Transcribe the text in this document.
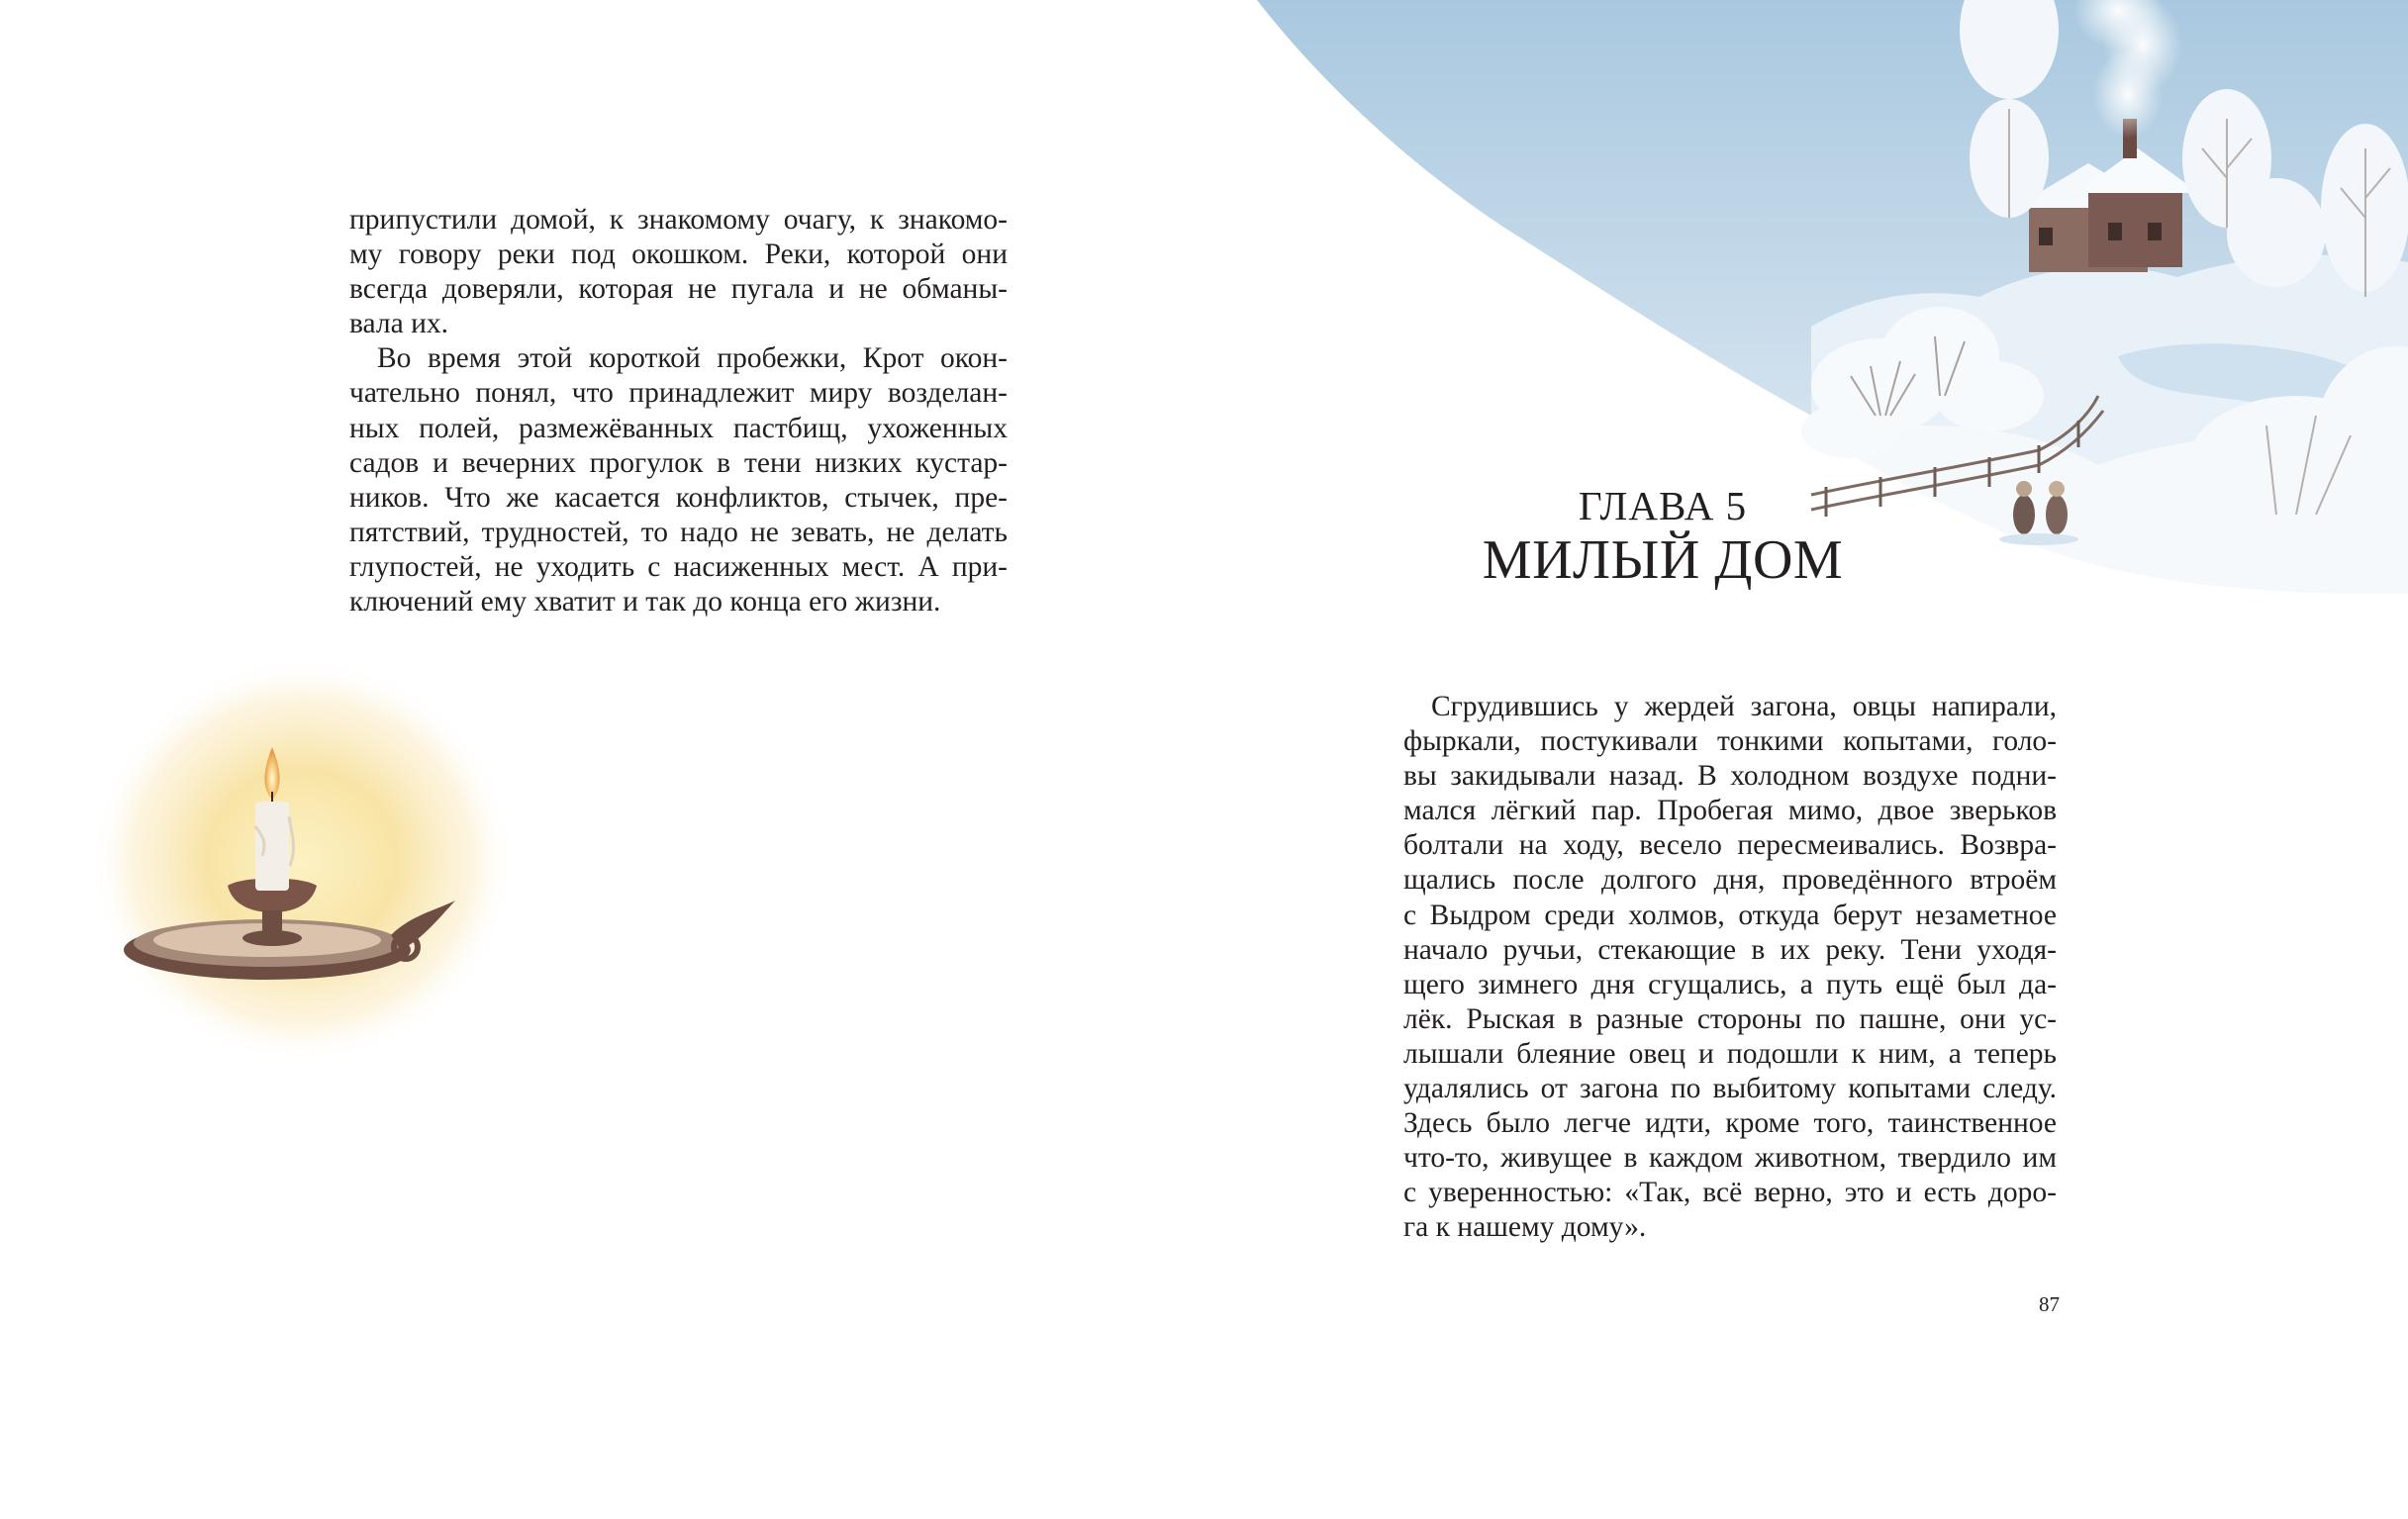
припустили домой, к знакомому очагу, к знакомо-
му говору реки под окошком. Реки, которой они
всегда доверяли, которая не пугала и не обманы-
вала их.

Во время этой короткой пробежки, Крот окон-
чательно понял, что принадлежит миру возделан-
ных полей, размежёванных пастбищ, ухоженных
садов и вечерних прогулок в тени низких кустар-
ников. Что же касается конфликтов, стычек, пре-
пятствий, трудностей, то надо не зевать, не делать
глупостей, не уходить с насиженных мест. А при-
ключений ему хватит и так до конца его жизни.

ГЛАВА 5
МИЛЫЙ ДОМ

Сгрудившись у жердей загона, овцы напирали,
фыркали, постукивали тонкими копытами, голо-
вы закидывали назад. В холодном воздухе подни-
мался лёгкий пар. Пробегая мимо, двое зверьков
болтали на ходу, весело пересмеивались. Возвра-
щались после долгого дня, проведённого втроём
с Выдром среди холмов, откуда берут незаметное
начало ручьи, стекающие в их реку. Тени уходя-
щего зимнего дня сгущались, а путь ещё был да-
лёк. Рыская в разные стороны по пашне, они ус-
лышали блеяние овец и подошли к ним, а теперь
удалялись от загона по выбитому копытами следу.
Здесь было легче идти, кроме того, таинственное
что-то, живущее в каждом животном, твердило им
с уверенностью: «Так, всё верно, это и есть доро-
га к нашему дому».

87
